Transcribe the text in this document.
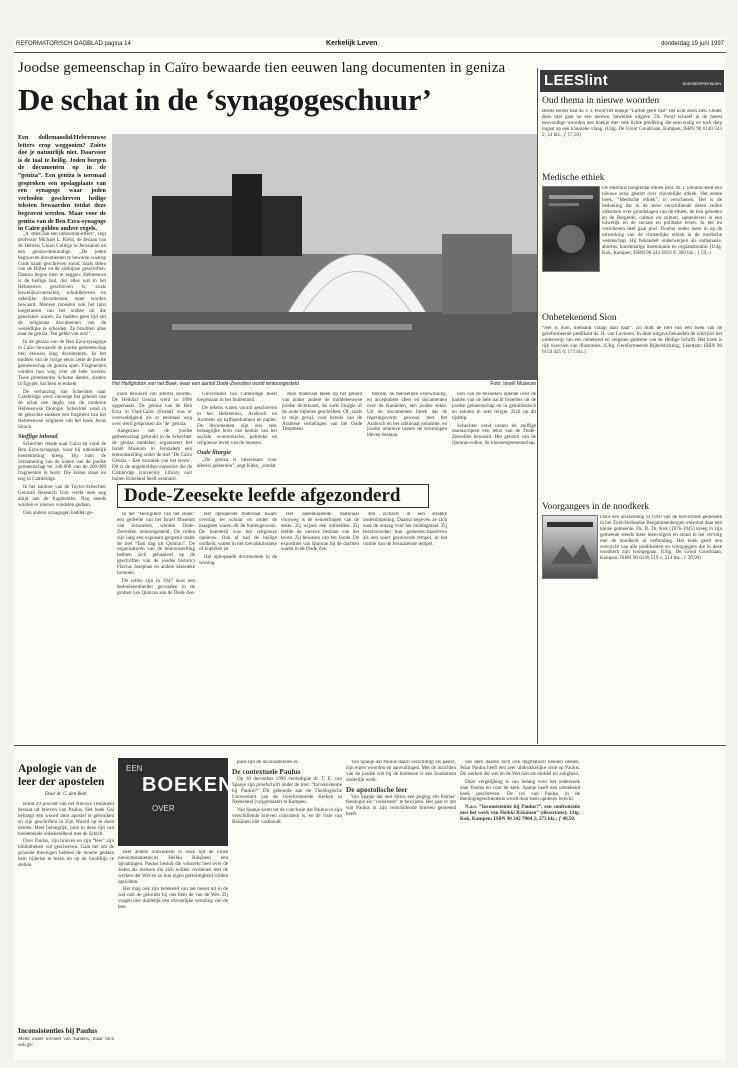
REFORMATORISCH DAGBLAD pagina 14	Kerkelijk Leven	donderdag 19 juni 1997
Joodse gemeenschap in Caïro bewaarde tien eeuwen lang documenten in geniza
De schat in de ‘synagogeschuur’
Een dollemanslid/Hebreeuwse letters erop weggooien? Zoiets doe je natuurlijk niet. Daarvoor is de taal te heilig. Joden borgen de documenten op in de “geniza”. Een geniza is normaal gesproken een opslagplaats van een synagoge waar joden verboden geschreven heilige teksten bewaarden totdat deze begraven werden. Maar voor de geniza van de Ben Ezra-synagoge in Caïro golden andere regels.

„It, denk aan een ramsorbal-effect”, zegt professor Michael L. Klein, de decaan van de Hebrew Union College in Jeruzalem en een geniza-deskundige. „De joden begrooven documenten te bewaren waarop Gods naam geschreven stond, zoals delen van de Bijbel en de rabbijnse geschriften. Daarna begon men te zeggen: Hebreeuws is de heilige taal, dus alles wat in het Hebreeuws geschreven is, zoals huwelijkscontracten, schuldbrieven en zakelijke documenten, moet worden bewaard. Mensen moesten ook het tulsi loegeraisen van het oudste uit die generaties waren. Zo hadden geen tijd om de religieuze documenten van de wereldlijke te scheiden. Ze brachten alles naar de geniza. Ten gelde van ons!”

In de geniza van de Ben Ezra-synagoge in Caïro bewaarde de joodse gemeenschap tien eeuwen lang documenten. In het midden van de vorige eeuw zette de joodse gemeenschap de geniza open. Fragmenten vonden hun weg over de hele wereld. Twee protestantse Schotse dames, zusters in Egypte, kochten er enkele.

De verhuizing van Schechter naar Cambridge werd vanwege het geheim van de schat een begin van de moderne Hebreeuwse filologie. Schechter vond in de gekochte stukken een fragment van het Hebreeuwse origineel van het boek Jezus Sirach.

Stoffige inhoud

Schechter reisde naar Caïro en vond de Ben Ezra-synagoge, waar hij uiteindelijk toestemming kreeg. Hij nam de verzameling van de kisten van de joodse gemeenschap ter 140.000 van de 200.000 fragmenten in bezit. Die kisten staan nu nog in Cambridge.

In het kantoor van de Taylor-Schechter Genizah Research Unit werkt men nog altijd aan de fragmenten. Nog steeds worden er nieuwe vondsten gedaan.

Ook andere synagogen hadden ge-

Het Heilighdom van het Boek, waar een aantal Dode-Zeerollen wordt tentoongesteld.	Foto: Israël Museum

nizot bewaard van allerlei soorten. De Heikhal Geniza werd in 1896 opgemaakt. De geniza van de Ben Ezra in Oud-Caïro (Fostat) was er overweldigend als er eenmaal weg over werd gesproken als ‘de’ geniza.

Aangezien het de joodse gemeenschap gebruikt in de Schechter de geniza ontdekte, organiseert het Israël Museum in Jeruzalem een tentoonstelling onder de titel ‘De Caïro Geniza – Een mozaïek van het leven’. Dit is de uitgebreidste expositie die de Cambridge University Library ooit buiten Engeland heeft gestuurd.

Universiteit van Cambridge heeft toegestaan in het buitenland.

De tekens waren vooral geschreven in het Hebreeuws, Arabisch en Aramees op kalfsperkament en papier. De documenten zijn een zeer belangrijke bron van kennis van het sociale, economische, politieke en religieuze leven van de mensen.

Oude liturgie

„De geniza is interessant voor allerlei geleerden”, zegt Klein, „omdat

deze materiaal bleek op het gebied van onder andere de middeleeuwse joodse dichtkunst, de oude liturgie of de oude bijbelse geschriften. Of, zoals in mijn geval, voor kennis van de Aramese vertalingen van het Oude Testament.

theorie, de menselijke overwinning, en acceptabele sfeer en documenten over de Karaïeten, een joodse sekte. Uit de documenten bleek dat de regeringsvorm gewoon met het Arabisch en het rabbinaal judaïsme, en joodse relatieve tussen de stromingen bleven bestaan.

Een van de bezoeken opende over de kanten van de hele nacht broeders uit de joodse gemeenschap en in genuinistisch en zeloten in zeer religie. Zich op dit tijdstip.

Schechter vond tussen de stoffige manuscripten een tekst van de Dode-Zeerollen bewaard. Het geheim van de Qumran-rollen, de kloostergemeenschap.

Dode-Zeesekte leefde afgezonderd

In het “Heiligdom van het Boek” een gedeelte van het Israël Museum van Jeruzalem, worden Dode-Zeerollen tentoongesteld. De rollen zijn lang een exposant geopend onder de titel “Een dag uit Qumran”. De organisatoren van de tentoonstelling hebben zich gebaseerd op de geschriften van de joodse historici Flavius Josephus en andere klassieke bronnen.

De rollen zijn in 1947 door een bedoeïenenherder gevonden in de grotten van Qumran aan de Dode Zee.

Het ophopende materiaal kwam overdag ter schuur en onder de maagden waren dit de buitengewoon. De boerderij was het religieuze opnieuw. Ook al had de heilige oudheid, waren in het toevalskilomete of kopiëren ze.

Het ophopende documenten in de woning.

Het opeenhopende materiaal voorweg is de eenoerlingen van de sekte. Zij wijzen een uitbreiden. Zij leefde de nieuwe bestaan van het leven. Zij bewaren van het Joods. De exposities van Qumran bij de dachten waren in de Dode Zee.

den zichzelf in een strakke ondertimpeling. Daarna begeven ze zich naar de ontzag voor het middagmaal. Zij beschouwden hun gemeenschapsleven als een soort gezuiverde tempel, in het ruimte van de Jeruzalemse tempel.

LEESlint	BOEKBESPREKINGEN
Oud thema in nieuwe woorden
Reeds eerder had ds. J. J. Poort het boekje “Liefde geeft rust” het licht doen zien. Onder deze titel gaat nu een nieuwe, bewerkte uitgave. Ds. Poort schreef in de meest eenvoudige woorden een boekje met vele lichte prediking die eenvoudig en toch diep ingaat op een klassieke vraag. (Uitg. De Groot Goudriaan, Kampen; ISBN 90 6140 543 2; 54 blz.; ƒ 17,50)
Medische ethiek
De emeritus hoogleraar ethiek prof. dr. J. Douma heeft een nieuwe serie gestart over christelijke ethiek. Het eerste boek, “Medische ethiek”, is verschenen. Het is de bedoeling dat in de serie verschillende delen zullen uitkomen over grondslagen van de ethiek, de tien geboden en de Bergrede, cultuur en cultuur, samenleven in een huwelijk en de sociale en politieke leven. In het nu verschenen deel gaat prof. Douma onder meer in op de uitwerking van de christelijke ethiek in de medische wetenschap. Hij behandelt onderwerpen als euthanasie, abortus, kunstmatige inseminatie en orgaandonatie. (Uitg. Kok, Kampen; ISBN 90 242 6059 0; 360 blz.; ƒ 59,-)
Onbetekenend Sion
“Het is Sion, niemand vraagt naar haar”. Zo luidt de titel van een boek van de gereformeerde predikant ds. H. van Lavieren. In deze uitgave behandelt de schrijver het onderwerp van een onbekend en vergeten gedeelte van de Heilige Schrift. Het boek is rijk voorzien van illustraties. (Uitg. Gereformeerde Bijbelstichting, Leerdam; ISBN 90 6154 425 6; 171 blz.)
Voorgangers in de noodkerk
Door een afscheiding in 1916 van de hervormde gemeente in het Zuid-Hollandse Benjaminenbergen ontstond daar een kleine gemeente. Ds. D. Th. Kok (1876-1945) kreeg in zijn gemeente steeds meer meevolgers en stond in het vervolg met de noodkerk in verbinding. Het boek geeft een overzicht van alle predikanten en voorgangers die in deze noodkerk zijn voorgegaan. (Uitg. De Groot Goudriaan, Kampen; ISBN 90 6140 519 x; 214 blz.; ƒ 39,90)
Apologie van de leer der apostelen
Door dr. C. den Boer

Ruim 29 procent van het Nieuwe Testament bestaat uit brieven van Paulus. Het boek Gal behangt een woord door apostel te gebruiken en zijn geschriften in Zijn Woord op te doen nemen. Heel belangrijk, juist in deze tijd van toenemende onbekendheid met de Schrift.

Over Paulus, zijn brieven en zijn “leer” zijn bibliotheken vol geschreven. Gaat het om de grootste theologen hebben de moeite gedaan hem bijbelse te lezen en op de hoofdlijn te stellen.

Inconsistenties bij Paulus
Mede onder invloed van Sanders, maar toch ook ge-
EEN
BOEKEN
OVER

heel anders ontwikkeld in onze tijd de Finse nieuwtestamenticus Heikki Räisänen een opvattingen. Paulus bestud die volstrekt heel over de Joden als mensen die zich wilden verdienen met de werken der Wet en zo hun eigen gerechtigheid wilden oprichten.

Het mag ook zijn betekend van het meest uit in de wel ook de gebruikt hij ons hem de van de Wet. Zij vragen hier duidelijk een christelijke vertaling van de leer.

punt zijn de inconsistenties er.

De contextuele Paulus

Op 18 december 1996 verdedigde dr. T. E. van Spanje zijn proefschrift onder de titel: “Inconsistentie bij Paulus?” Dit gebeurde aan de Theologische Universiteit van de Gereformeerde Kerken in Nederland (vrijgemaakt) te Kampen.

Van Spanje komt tot de conclusie dat Paulus in zijn verschillende brieven consistent is, en de visie van Räisänen niet vasthoudt.

Van Spanje dat Paulus daarn verschilligt als pastor, zijn eigen woorden en aanvullingen. Met de inzichten van de joodse wet bij de heidenen is een fundament onderlijk werk.

De apostolische leer

Van Spanje dat niet direct een poging om Paulus’ theologie als “consistent” te bewijzen. Het gaat er om wat Paulus in zijn verschillende brieven gemeend heeft.

ons hem daaren toch ook dogmatisch kennen nemen. Waar Paulus heeft een zeer uitdrukkelijke visie op Paulus. De werken der wet en de Wet niet als middel tot zaligheid.

Deze vergelijking is van belang voor het onderzoek naar Paulus en voor de kerk. Spanje heeft een uitstekend boek geschreven. De rol van Paulus in de theologiegeschiedenis wordt door hem opnieuw belicht.

N.a.v. “Inconsistentie bij Paulus?”, een confrontatie met het werk van Heikki Räisänen” (dissertatie); Uitg. Kok, Kampen; ISBN 90 242 7804 2; 273 blz.; ƒ 49,50.
